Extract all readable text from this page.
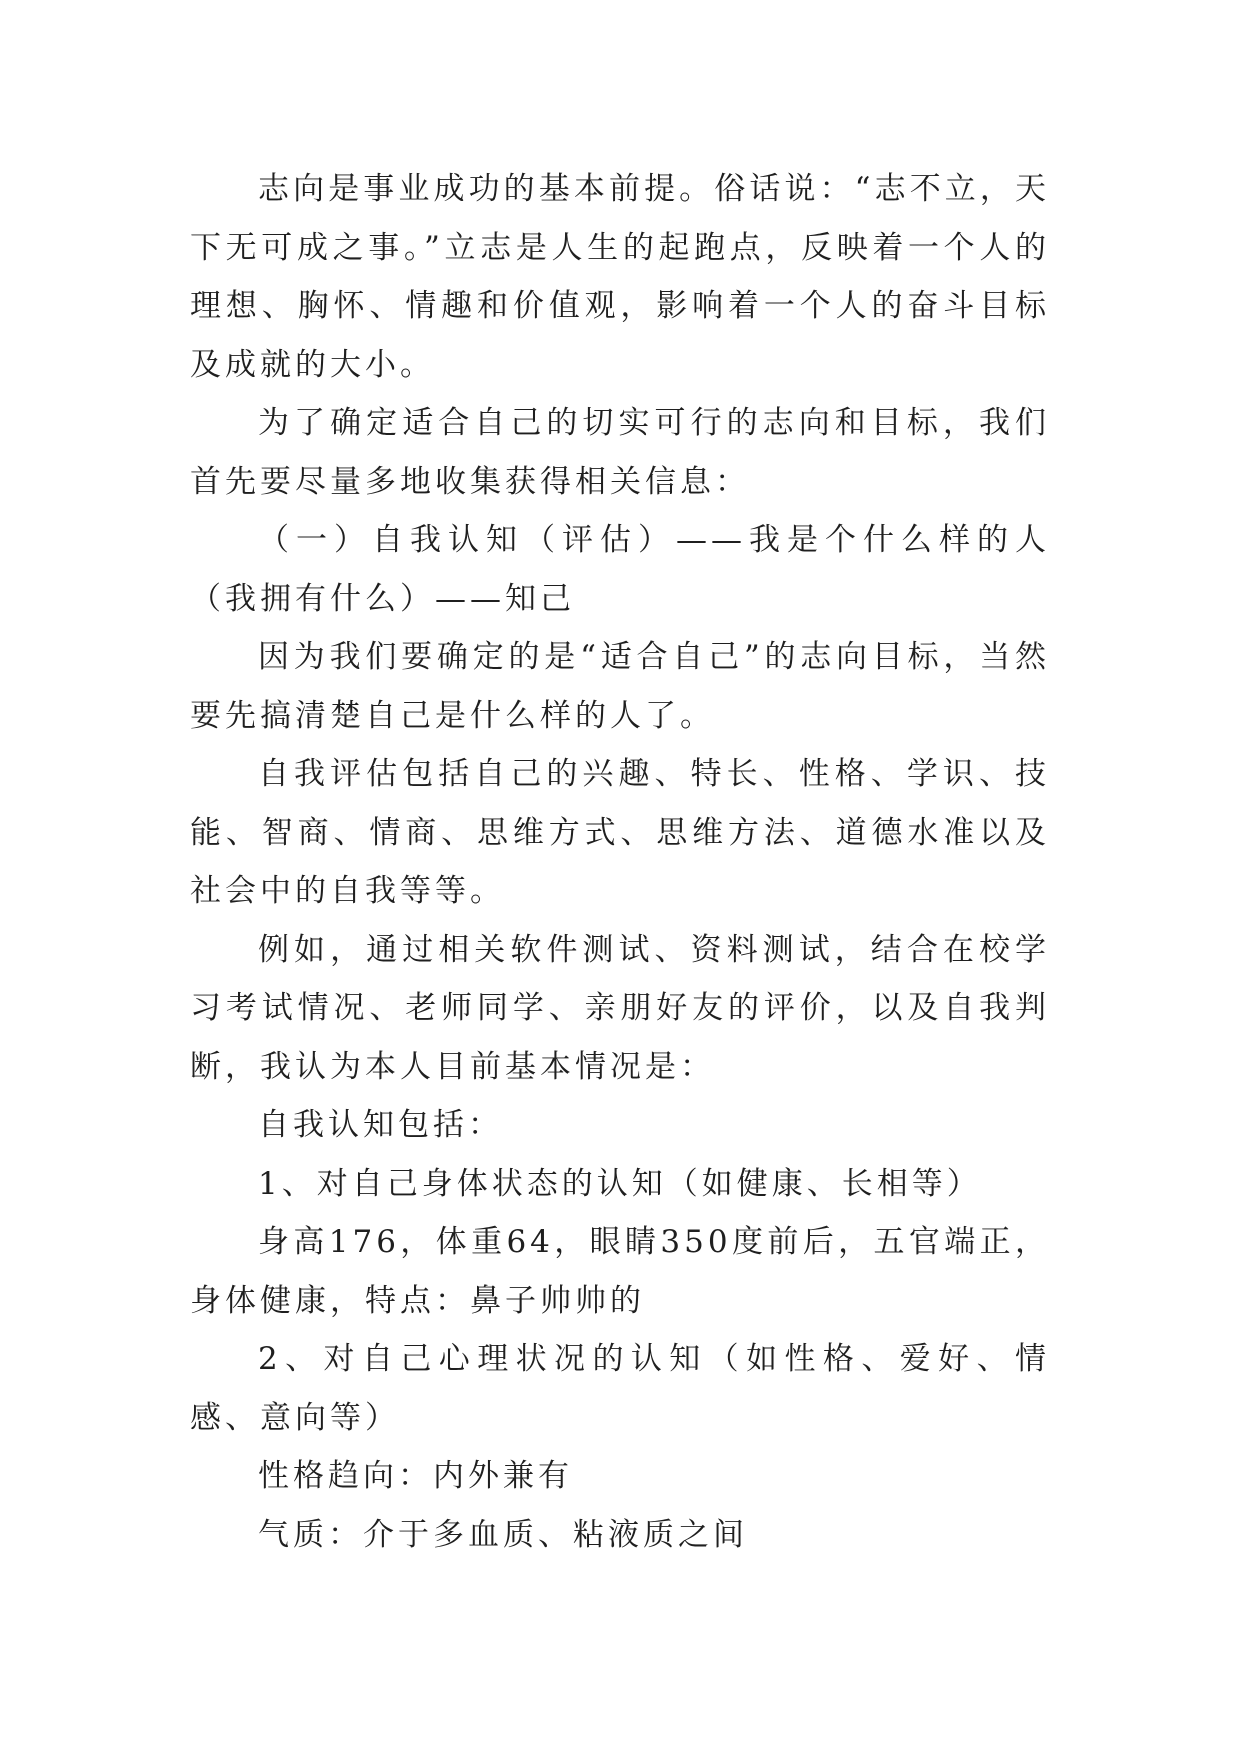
志向是事业成功的基本前提。俗话说：“志不立，天下无可成之事。”立志是人生的起跑点，反映着一个人的理想、胸怀、情趣和价值观，影响着一个人的奋斗目标及成就的大小。

为了确定适合自己的切实可行的志向和目标，我们首先要尽量多地收集获得相关信息：

（一）自我认知（评估）——我是个什么样的人（我拥有什么）——知己

因为我们要确定的是“适合自己”的志向目标，当然要先搞清楚自己是什么样的人了。

自我评估包括自己的兴趣、特长、性格、学识、技能、智商、情商、思维方式、思维方法、道德水准以及社会中的自我等等。

例如，通过相关软件测试、资料测试，结合在校学习考试情况、老师同学、亲朋好友的评价，以及自我判断，我认为本人目前基本情况是：

自我认知包括：

1、对自己身体状态的认知（如健康、长相等）

身高176，体重64，眼睛350度前后，五官端正，身体健康，特点：鼻子帅帅的

2、对自己心理状况的认知（如性格、爱好、情感、意向等）

性格趋向：内外兼有

气质：介于多血质、粘液质之间
